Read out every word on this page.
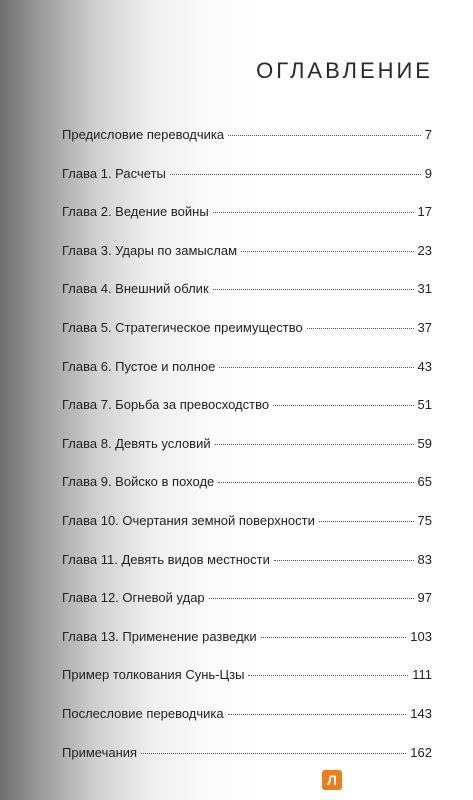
ОГЛАВЛЕНИЕ
Предисловие переводчика	7
Глава 1. Расчеты	9
Глава 2. Ведение войны	17
Глава 3. Удары по замыслам	23
Глава 4. Внешний облик	31
Глава 5. Стратегическое преимущество	37
Глава 6. Пустое и полное	43
Глава 7. Борьба за превосходство	51
Глава 8. Девять условий	59
Глава 9. Войско в походе	65
Глава 10. Очертания земной поверхности	75
Глава 11. Девять видов местности	83
Глава 12. Огневой удар	97
Глава 13. Применение разведки	103
Пример толкования Сунь-Цзы	111
Послесловие переводчика	143
Примечания	162
Л
